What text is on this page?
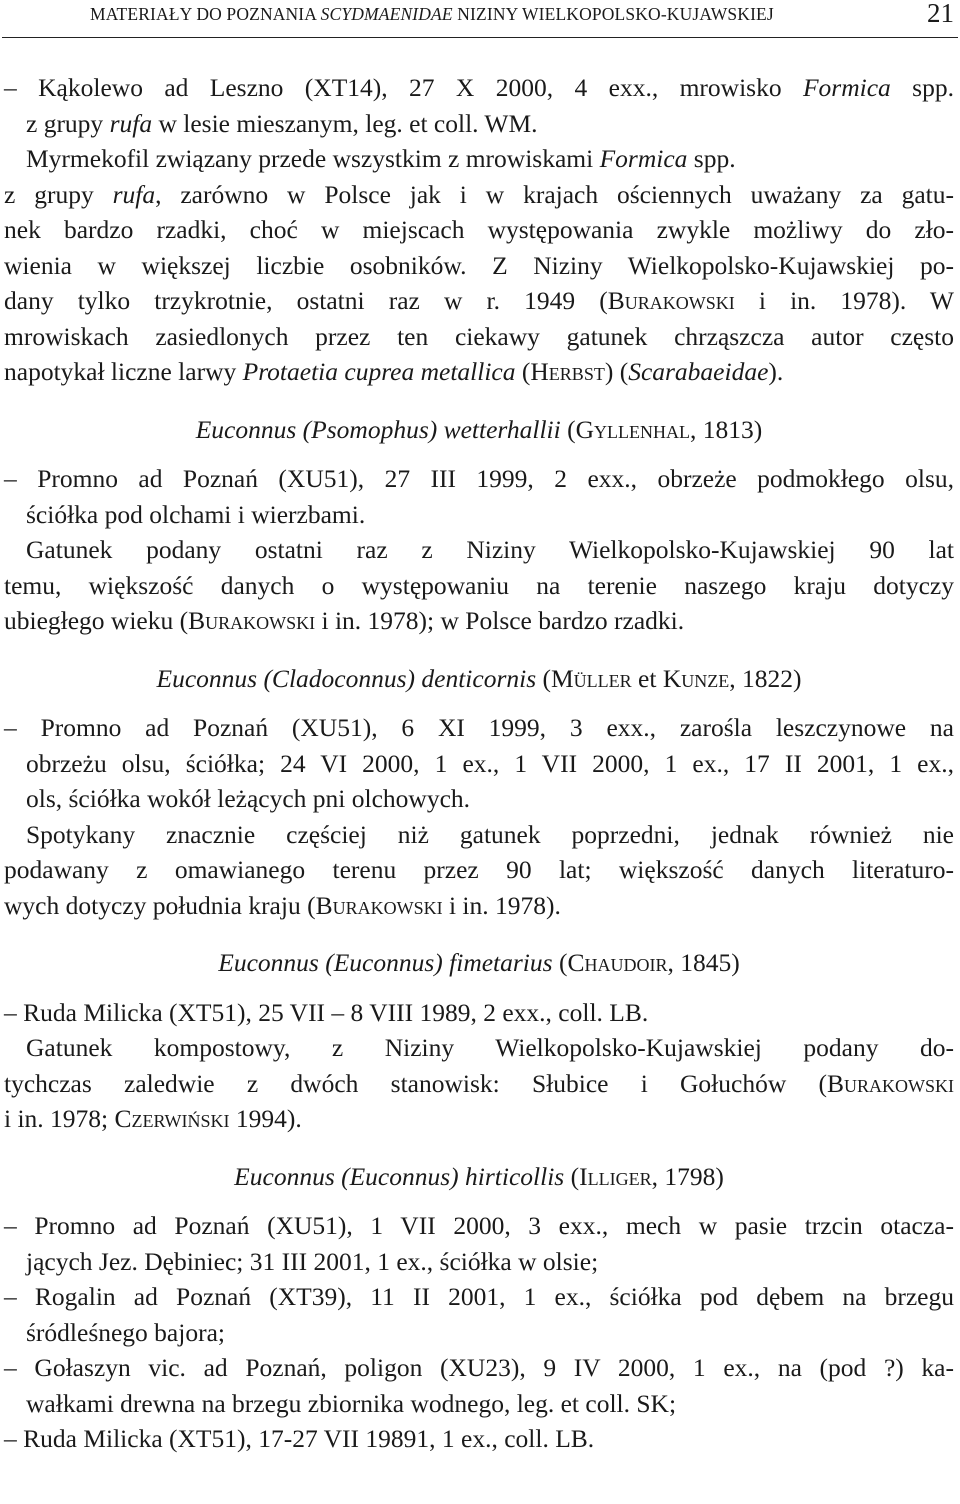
MATERIAŁY DO POZNANIA SCYDMAENIDAE NIZINY WIELKOPOLSKO-KUJAWSKIEJ	21
– Kąkolewo ad Leszno (XT14), 27 X 2000, 4 exx., mrowisko Formica spp.
z grupy rufa w lesie mieszanym, leg. et coll. WM.
Myrmekofil związany przede wszystkim z mrowiskami Formica spp.
z grupy rufa, zarówno w Polsce jak i w krajach ościennych uważany za gatu-
nek bardzo rzadki, choć w miejscach występowania zwykle możliwy do zło-
wienia w większej liczbie osobników. Z Niziny Wielkopolsko-Kujawskiej po-
dany tylko trzykrotnie, ostatni raz w r. 1949 (Burakowski i in. 1978). W
mrowiskach zasiedlonych przez ten ciekawy gatunek chrząszcza autor często
napotykał liczne larwy Protaetia cuprea metallica (Herbst) (Scarabaeidae).
Euconnus (Psomophus) wetterhallii (Gyllenhal, 1813)
– Promno ad Poznań (XU51), 27 III 1999, 2 exx., obrzeże podmokłego olsu,
ściółka pod olchami i wierzbami.
Gatunek podany ostatni raz z Niziny Wielkopolsko-Kujawskiej 90 lat
temu, większość danych o występowaniu na terenie naszego kraju dotyczy
ubiegłego wieku (Burakowski i in. 1978); w Polsce bardzo rzadki.
Euconnus (Cladoconnus) denticornis (Müller et Kunze, 1822)
– Promno ad Poznań (XU51), 6 XI 1999, 3 exx., zarośla leszczynowe na
obrzeżu olsu, ściółka; 24 VI 2000, 1 ex., 1 VII 2000, 1 ex., 17 II 2001, 1 ex.,
ols, ściółka wokół leżących pni olchowych.
Spotykany znacznie częściej niż gatunek poprzedni, jednak również nie
podawany z omawianego terenu przez 90 lat; większość danych literaturo-
wych dotyczy południa kraju (Burakowski i in. 1978).
Euconnus (Euconnus) fimetarius (Chaudoir, 1845)
– Ruda Milicka (XT51), 25 VII – 8 VIII 1989, 2 exx., coll. LB.
Gatunek kompostowy, z Niziny Wielkopolsko-Kujawskiej podany do-
tychczas zaledwie z dwóch stanowisk: Słubice i Gołuchów (Burakowski
i in. 1978; Czerwiński 1994).
Euconnus (Euconnus) hirticollis (Illiger, 1798)
– Promno ad Poznań (XU51), 1 VII 2000, 3 exx., mech w pasie trzcin otacza-
jących Jez. Dębiniec; 31 III 2001, 1 ex., ściółka w olsie;
– Rogalin ad Poznań (XT39), 11 II 2001, 1 ex., ściółka pod dębem na brzegu
śródleśnego bajora;
– Gołaszyn vic. ad Poznań, poligon (XU23), 9 IV 2000, 1 ex., na (pod ?) ka-
wałkami drewna na brzegu zbiornika wodnego, leg. et coll. SK;
– Ruda Milicka (XT51), 17-27 VII 19891, 1 ex., coll. LB.
